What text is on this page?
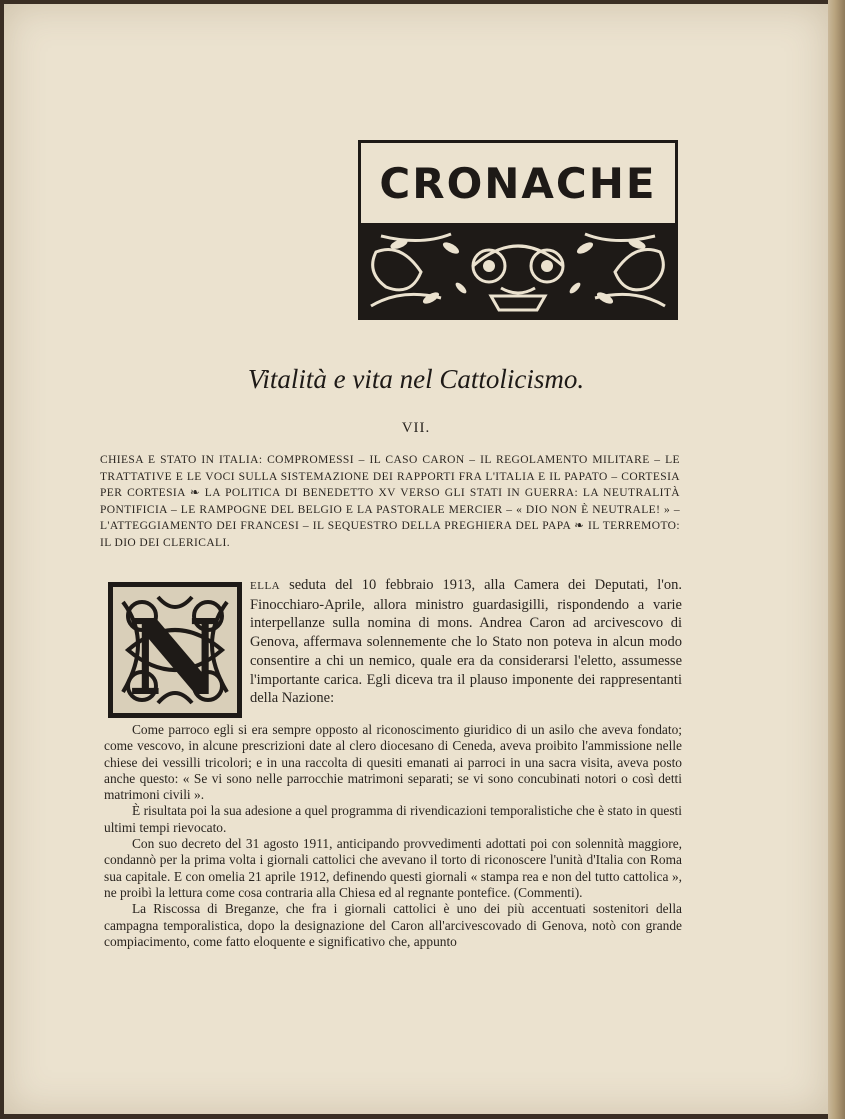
CRONACHE
Vitalità e vita nel Cattolicismo.
VII.
CHIESA E STATO IN ITALIA: COMPROMESSI – IL CASO CARON – IL REGOLAMENTO MILITARE – LE TRATTATIVE E LE VOCI SULLA SISTEMAZIONE DEI RAPPORTI FRA L'ITALIA E IL PAPATO – CORTESIA PER CORTESIA ❧ LA POLITICA DI BENEDETTO XV VERSO GLI STATI IN GUERRA: LA NEUTRALITÀ PONTIFICIA – LE RAMPOGNE DEL BELGIO E LA PASTORALE MERCIER – « DIO NON È NEUTRALE! » – L'ATTEGGIAMENTO DEI FRANCESI – IL SEQUESTRO DELLA PREGHIERA DEL PAPA ❧ IL TERREMOTO: IL DIO DEI CLERICALI.
N
ELLA seduta del 10 febbraio 1913, alla Camera dei Deputati, l'on. Finocchiaro-Aprile, allora ministro guardasigilli, rispondendo a varie interpellanze sulla nomina di mons. Andrea Caron ad arcivescovo di Genova, affermava solennemente che lo Stato non poteva in alcun modo consentire a chi un nemico, quale era da considerarsi l'eletto, assumesse l'importante carica. Egli diceva tra il plauso imponente dei rappresentanti della Nazione:

Come parroco egli si era sempre opposto al riconoscimento giuridico di un asilo che aveva fondato; come vescovo, in alcune prescrizioni date al clero diocesano di Ceneda, aveva proibito l'ammissione nelle chiese dei vessilli tricolori; e in una raccolta di quesiti emanati ai parroci in una sacra visita, aveva posto anche questo: « Se vi sono nelle parrocchie matrimoni separati; se vi sono concubinati notori o così detti matrimoni civili ».

È risultata poi la sua adesione a quel programma di rivendicazioni temporalistiche che è stato in questi ultimi tempi rievocato.

Con suo decreto del 31 agosto 1911, anticipando provvedimenti adottati poi con solennità maggiore, condannò per la prima volta i giornali cattolici che avevano il torto di riconoscere l'unità d'Italia con Roma sua capitale. E con omelia 21 aprile 1912, definendo questi giornali « stampa rea e non del tutto cattolica », ne proibì la lettura come cosa contraria alla Chiesa ed al regnante pontefice. (Commenti).

La Riscossa di Breganze, che fra i giornali cattolici è uno dei più accentuati sostenitori della campagna temporalistica, dopo la designazione del Caron all'arcivescovado di Genova, notò con grande compiacimento, come fatto eloquente e significativo che, appunto
